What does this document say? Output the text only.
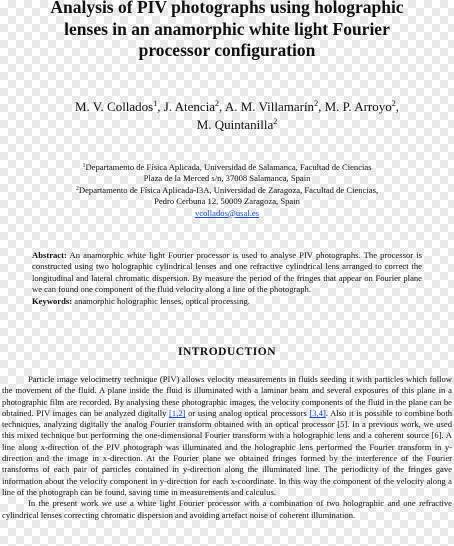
Analysis of PIV photographs using holographic
lenses in an anamorphic white light Fourier
processor configuration
M. V. Collados$^1$, J. Atencia$^2$, A. M. Villamarín$^2$, M. P. Arroyo$^2$,
M. Quintanilla$^2$
$^1$Departamento de Física Aplicada, Universidad de Salamanca, Facultad de Ciencias
Plaza de la Merced s/n, 37008 Salamanca, Spain
$^2$Departamento de Física Aplicada-I3A, Universidad de Zaragoza, Facultad de Ciencias,
Pedro Cerbuna 12, 50009 Zaragoza, Spain
vcollados@usal.es

Abstract: An anamorphic white light Fourier processor is used to analyse PIV photographs. The processor is constructed using two holographic cylindrical lenses and one refractive cylindrical lens arranged to correct the longitudinal and lateral chromatic dispersion. By measure the period of the fringes that appear on Fourier plane we can found one component of the fluid velocity along a line of the photograph.

Keywords: anamorphic holographic lenses, optical processing.

INTRODUCTION

Particle image velocimetry technique (PIV) allows velocity measurements in fluids seeding it with particles which follow the movement of the fluid. A plane inside the fluid is illuminated with a laminar beam and several exposures of this plane in a photographic film are recorded. By analysing these photographic images, the velocity components of the fluid in the plane can be obtained. PIV images can be analyzed digitally [1,2] or using analog optical processors [3,4]. Also it is possible to combine both techniques, analyzing digitally the analog Fourier transform obtained with an optical processor [5]. In a previous work, we used this mixed technique but performing the one-dimensional Fourier transform with a holographic lens and a coherent source [6]. A line along x-direction of the PIV photograph was illuminated and the holographic lens performed the Fourier transform in y-direction and the image in x-direction. At the Fourier plane we obtained fringes formed by the interference of the Fourier transforms of each pair of particles contained in y-direction along the illuminated line. The periodicity of the fringes gave information about the velocity component in y-direction for each x-coordinate. In this way the component of the velocity along a line of the photograph can be found, saving time in measurements and calculus.

In the present work we use a white light Fourier processor with a combination of two holographic and one refractive cylindrical lenses correcting chromatic dispersion and avoiding artefact noise of coherent illumination.
